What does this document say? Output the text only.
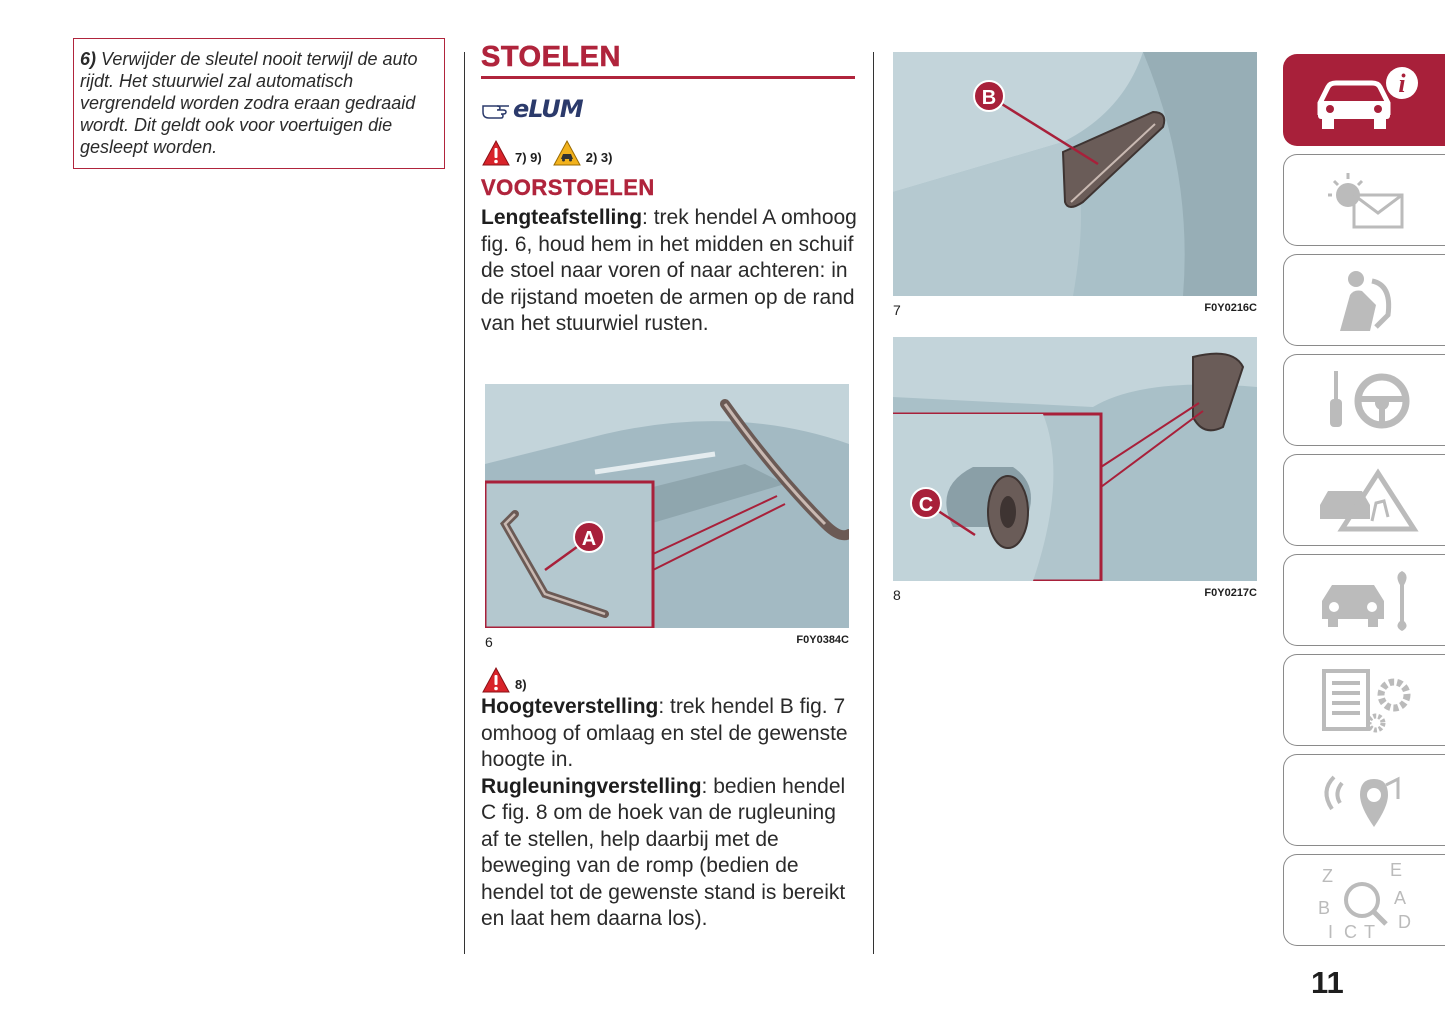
6) Verwijder de sleutel nooit terwijl de auto rijdt. Het stuurwiel zal automatisch vergrendeld worden zodra eraan gedraaid wordt. Dit geldt ook voor voertuigen die gesleept worden.
STOELEN
eLUM
7) 9)	2) 3)
VOORSTOELEN

Lengteafstelling: trek hendel A omhoog fig. 6, houd hem in het midden en schuif de stoel naar voren of naar achteren: in de rijstand moeten de armen op de rand van het stuurwiel rusten.

A
6	F0Y0384C
8)

Hoogteverstelling: trek hendel B fig. 7 omhoog of omlaag en stel de gewenste hoogte in.

Rugleuningverstelling: bedien hendel C fig. 8 om de hoek van de rugleuning af te stellen, help daarbij met de beweging van de romp (bedien de hendel tot de gewenste stand is bereikt en laat hem daarna los).

B
7	F0Y0216C
C
8	F0Y0217C
i
Z	E
A
B
D
I C T
11
